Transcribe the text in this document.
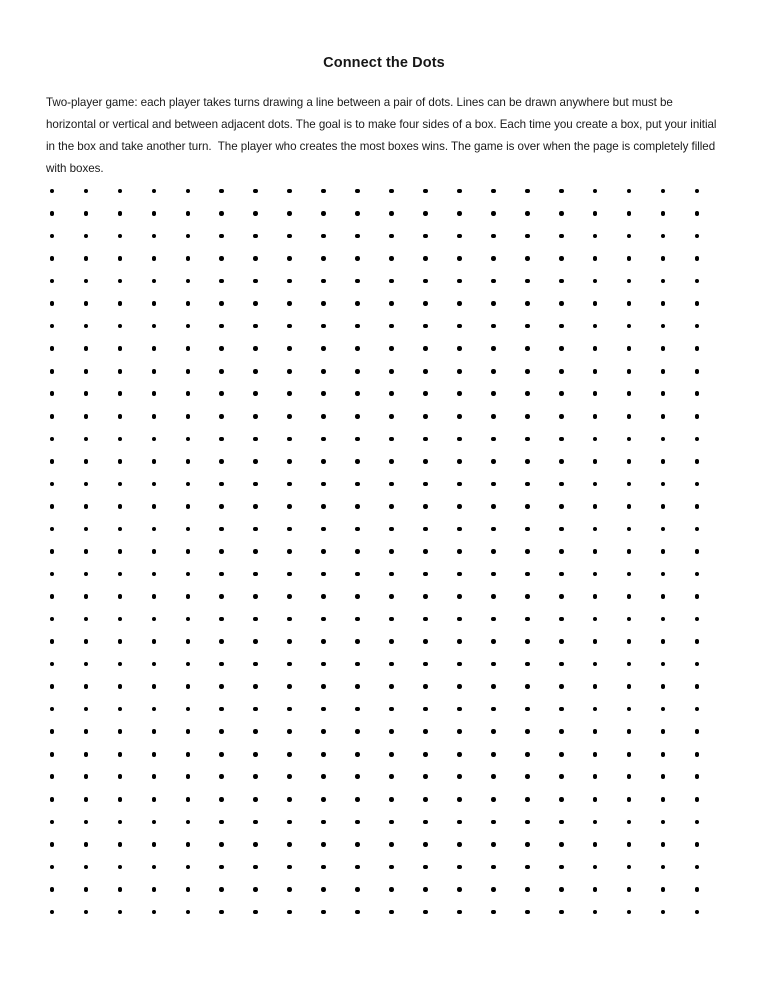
Connect the Dots

Two-player game: each player takes turns drawing a line between a pair of dots. Lines can be drawn anywhere but must be horizontal or vertical and between adjacent dots. The goal is to make four sides of a box. Each time you create a box, put your initial in the box and take another turn.  The player who creates the most boxes wins. The game is over when the page is completely filled with boxes.
